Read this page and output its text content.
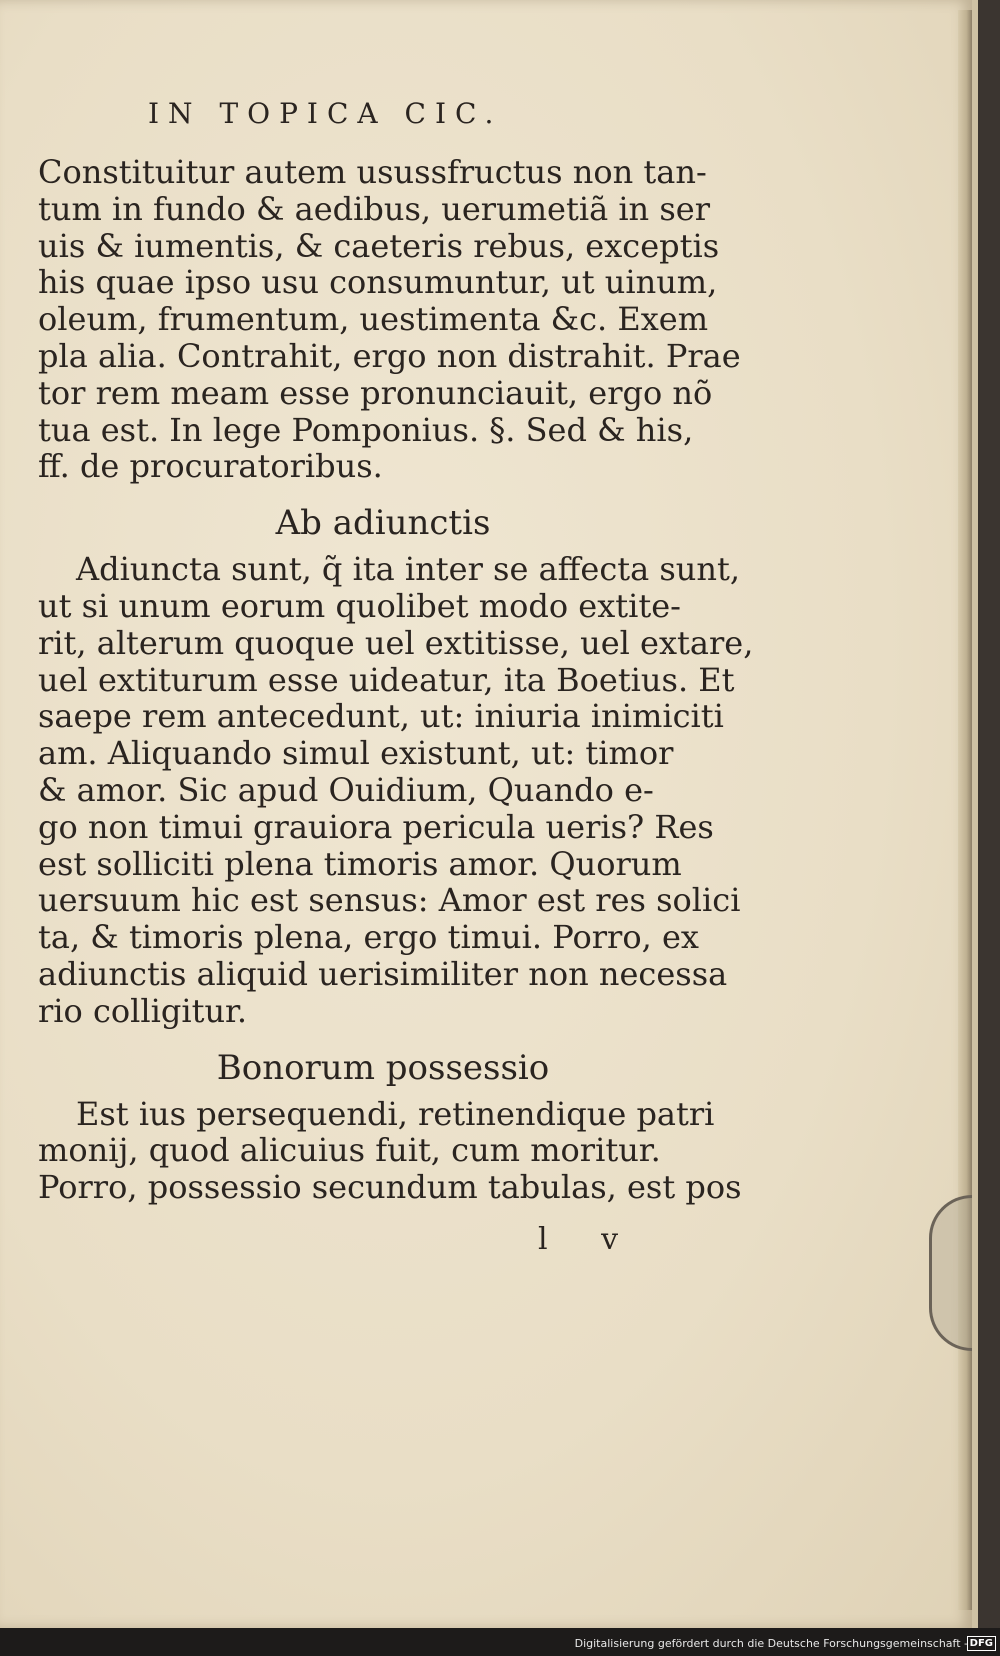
IN TOPICA CIC.
Constituitur autem usussfructus non tan-
tum in fundo & aedibus, uerumetiã in ser
uis & iumentis, & caeteris rebus, exceptis
his quae ipso usu consumuntur, ut uinum,
oleum, frumentum, uestimenta &c. Exem
pla alia. Contrahit, ergo non distrahit. Prae
tor rem meam esse pronunciauit, ergo nõ
tua est. In lege Pomponius. §. Sed & his,
ff. de procuratoribus.
Ab adiunctis
Adiuncta sunt, q̃ ita inter se affecta sunt,
ut si unum eorum quolibet modo extite-
rit, alterum quoque uel extitisse, uel extare,
uel extiturum esse uideatur, ita Boetius. Et
saepe rem antecedunt, ut: iniuria inimiciti
am. Aliquando simul existunt, ut: timor
& amor. Sic apud Ouidium, Quando e-
go non timui grauiora pericula ueris? Res
est solliciti plena timoris amor. Quorum
uersuum hic est sensus: Amor est res solici
ta, & timoris plena, ergo timui. Porro, ex
adiunctis aliquid uerisimiliter non necessa
rio colligitur.
Bonorum possessio
Est ius persequendi, retinendique patri
monij, quod alicuius fuit, cum moritur.
Porro, possessio secundum tabulas, est pos
l v
Digitalisierung gefördert durch die Deutsche Forschungsgemeinschaft - DFG
